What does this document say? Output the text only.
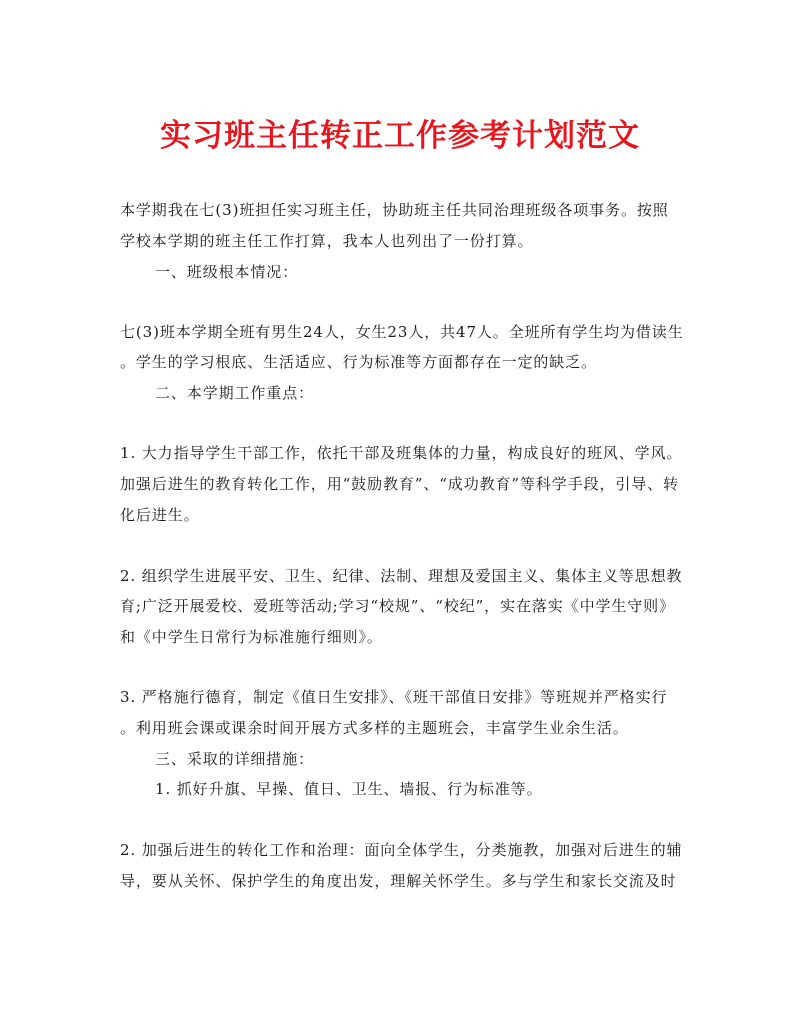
实习班主任转正工作参考计划范文
本学期我在七(3)班担任实习班主任，协助班主任共同治理班级各项事务。按照
学校本学期的班主任工作打算，我本人也列出了一份打算。
一、班级根本情况：
七(3)班本学期全班有男生24人，女生23人，共47人。全班所有学生均为借读生
。学生的学习根底、生活适应、行为标准等方面都存在一定的缺乏。
二、本学期工作重点：
1. 大力指导学生干部工作，依托干部及班集体的力量，构成良好的班风、学风。
加强后进生的教育转化工作，用“鼓励教育”、“成功教育”等科学手段，引导、转
化后进生。
2. 组织学生进展平安、卫生、纪律、法制、理想及爱国主义、集体主义等思想教
育;广泛开展爱校、爱班等活动;学习“校规”、“校纪”，实在落实《中学生守则》
和《中学生日常行为标准施行细则》。
3. 严格施行德育，制定《值日生安排》、《班干部值日安排》等班规并严格实行
。利用班会课或课余时间开展方式多样的主题班会，丰富学生业余生活。
三、采取的详细措施：
1. 抓好升旗、早操、值日、卫生、墙报、行为标准等。
2. 加强后进生的转化工作和治理：面向全体学生，分类施教，加强对后进生的辅
导，要从关怀、保护学生的角度出发，理解关怀学生。多与学生和家长交流及时
